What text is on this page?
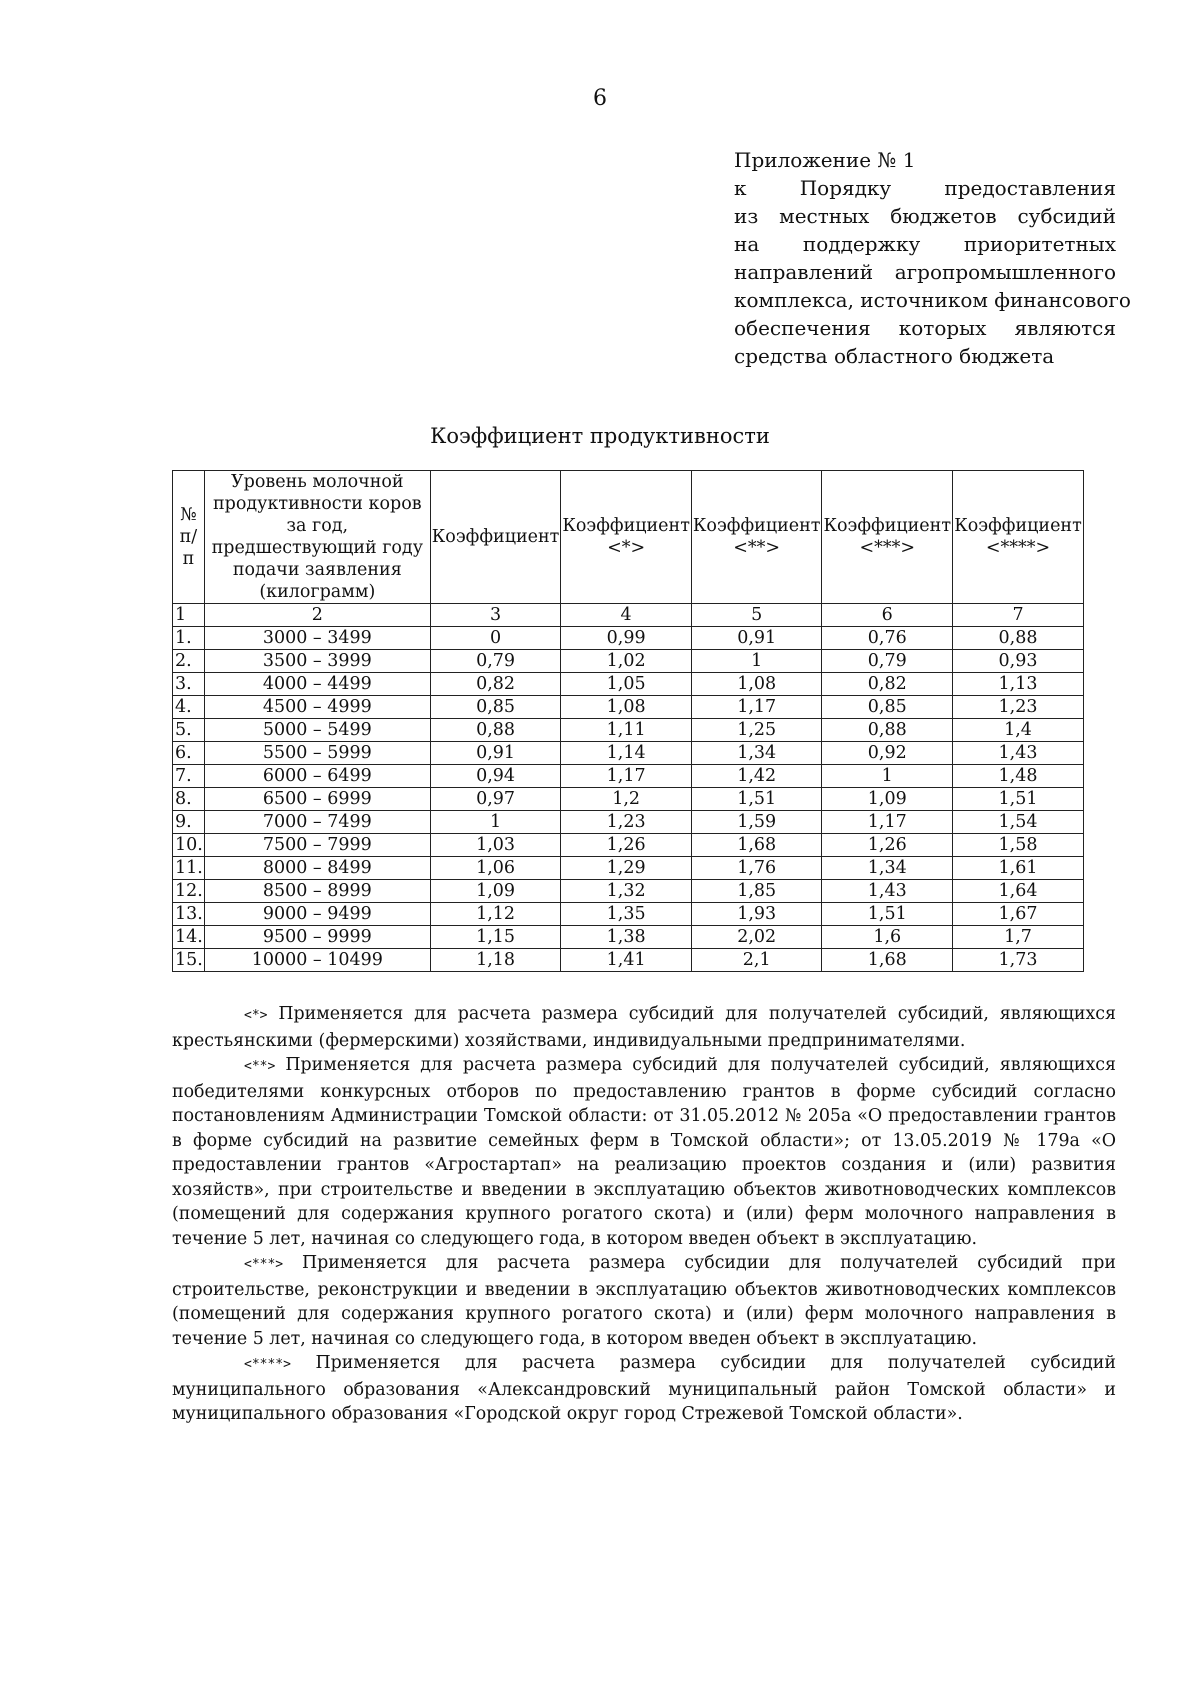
6
Приложение № 1
к Порядку предоставления
из местных бюджетов субсидий
на поддержку приоритетных
направлений агропромышленного
комплекса, источником финансового
обеспечения которых являются
средства областного бюджета
Коэффициент продуктивности
№ п/п	Уровень молочной продуктивности коров за год, предшествующий году подачи заявления (килограмм)	Коэффициент	Коэффициент <*>	Коэффициент <**>	Коэффициент <***>	Коэффициент <****>
1	2	3	4	5	6	7
1.	3000 – 3499	0	0,99	0,91	0,76	0,88
2.	3500 – 3999	0,79	1,02	1	0,79	0,93
3.	4000 – 4499	0,82	1,05	1,08	0,82	1,13
4.	4500 – 4999	0,85	1,08	1,17	0,85	1,23
5.	5000 – 5499	0,88	1,11	1,25	0,88	1,4
6.	5500 – 5999	0,91	1,14	1,34	0,92	1,43
7.	6000 – 6499	0,94	1,17	1,42	1	1,48
8.	6500 – 6999	0,97	1,2	1,51	1,09	1,51
9.	7000 – 7499	1	1,23	1,59	1,17	1,54
10.	7500 – 7999	1,03	1,26	1,68	1,26	1,58
11.	8000 – 8499	1,06	1,29	1,76	1,34	1,61
12.	8500 – 8999	1,09	1,32	1,85	1,43	1,64
13.	9000 – 9499	1,12	1,35	1,93	1,51	1,67
14.	9500 – 9999	1,15	1,38	2,02	1,6	1,7
15.	10000 – 10499	1,18	1,41	2,1	1,68	1,73

<*> Применяется для расчета размера субсидий для получателей субсидий, являющихся крестьянскими (фермерскими) хозяйствами, индивидуальными предпринимателями.

<**> Применяется для расчета размера субсидий для получателей субсидий, являющихся победителями конкурсных отборов по предоставлению грантов в форме субсидий согласно постановлениям Администрации Томской области: от 31.05.2012 № 205а «О предоставлении грантов в форме субсидий на развитие семейных ферм в Томской области»; от 13.05.2019 № 179а «О предоставлении грантов «Агростартап» на реализацию проектов создания и (или) развития хозяйств», при строительстве и введении в эксплуатацию объектов животноводческих комплексов (помещений для содержания крупного рогатого скота) и (или) ферм молочного направления в течение 5 лет, начиная со следующего года, в котором введен объект в эксплуатацию.

<***> Применяется для расчета размера субсидии для получателей субсидий при строительстве, реконструкции и введении в эксплуатацию объектов животноводческих комплексов (помещений для содержания крупного рогатого скота) и (или) ферм молочного направления в течение 5 лет, начиная со следующего года, в котором введен объект в эксплуатацию.

<****> Применяется для расчета размера субсидии для получателей субсидий муниципального образования «Александровский муниципальный район Томской области» и муниципального образования «Городской округ город Стрежевой Томской области».
